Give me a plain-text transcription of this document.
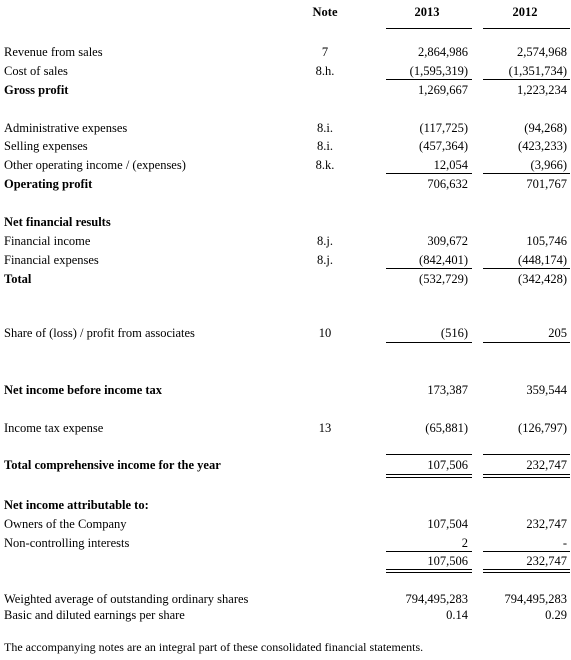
Note	2013	2012
Revenue from sales	7	2,864,986	2,574,968
Cost of sales	8.h.	(1,595,319)	(1,351,734)
Gross profit	1,269,667	1,223,234
Administrative expenses	8.i.	(117,725)	(94,268)
Selling expenses	8.i.	(457,364)	(423,233)
Other operating income / (expenses)	8.k.	12,054	(3,966)
Operating profit	706,632	701,767
Net financial results
Financial income	8.j.	309,672	105,746
Financial expenses	8.j.	(842,401)	(448,174)
Total	(532,729)	(342,428)
Share of (loss) / profit from associates	10	(516)	205
Net income before income tax	173,387	359,544
Income tax expense	13	(65,881)	(126,797)
Total comprehensive income for the year	107,506	232,747
Net income attributable to:
Owners of the Company	107,504	232,747
Non-controlling interests	2	-
107,506	232,747
Weighted average of outstanding ordinary shares	794,495,283	794,495,283
Basic and diluted earnings per share	0.14	0.29
The accompanying notes are an integral part of these consolidated financial statements.
